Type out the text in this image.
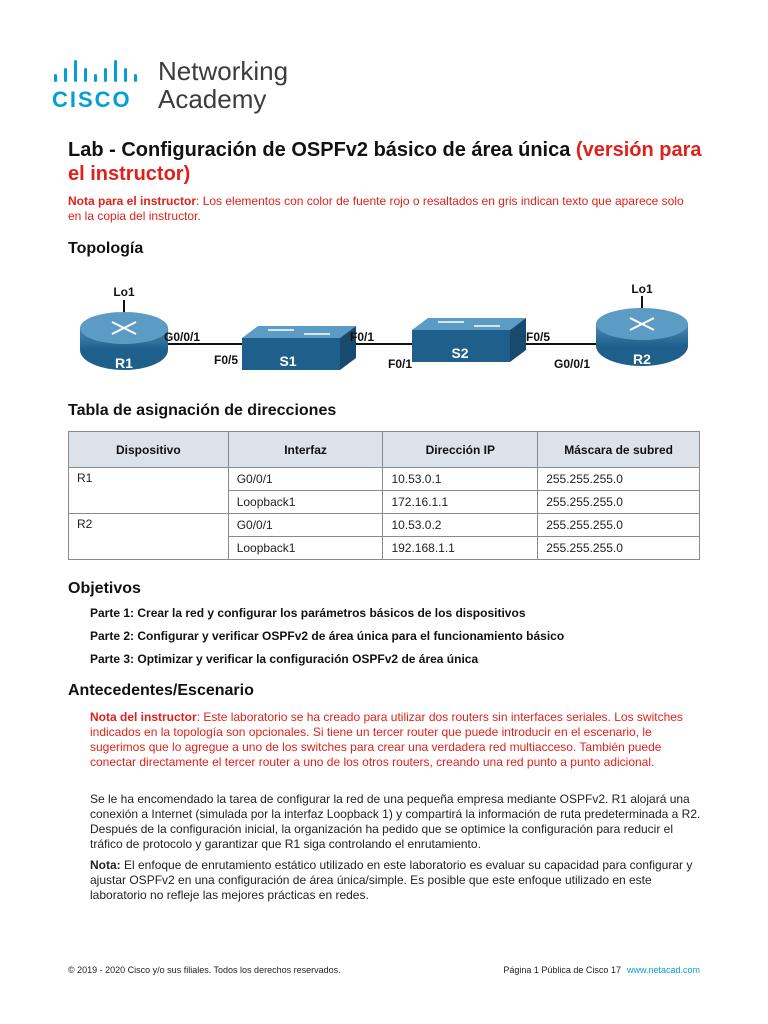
CISCO
Networking
Academy
Lab - Configuración de OSPFv2 básico de área única (versión para el instructor)
Nota para el instructor: Los elementos con color de fuente rojo o resaltados en gris indican texto que aparece solo en la copia del instructor.
Topología
R1	S1	S2	R2
Lo1	Lo1
G0/0/1
F0/5
F0/1
F0/1
F0/5
G0/0/1
Tabla de asignación de direcciones
Dispositivo	Interfaz	Dirección IP	Máscara de subred
R1	G0/0/1	10.53.0.1	255.255.255.0
	Loopback1	172.16.1.1	255.255.255.0
R2	G0/0/1	10.53.0.2	255.255.255.0
	Loopback1	192.168.1.1	255.255.255.0
Objetivos
Parte 1: Crear la red y configurar los parámetros básicos de los dispositivos
Parte 2: Configurar y verificar OSPFv2 de área única para el funcionamiento básico
Parte 3: Optimizar y verificar la configuración OSPFv2 de área única
Antecedentes/Escenario
Nota del instructor: Este laboratorio se ha creado para utilizar dos routers sin interfaces seriales. Los switches indicados en la topología son opcionales. Si tiene un tercer router que puede introducir en el escenario, le sugerimos que lo agregue a uno de los switches para crear una verdadera red multiacceso. También puede conectar directamente el tercer router a uno de los otros routers, creando una red punto a punto adicional.
Se le ha encomendado la tarea de configurar la red de una pequeña empresa mediante OSPFv2. R1 alojará una conexión a Internet (simulada por la interfaz Loopback 1) y compartirá la información de ruta predeterminada a R2. Después de la configuración inicial, la organización ha pedido que se optimice la configuración para reducir el tráfico de protocolo y garantizar que R1 siga controlando el enrutamiento.
Nota: El enfoque de enrutamiento estático utilizado en este laboratorio es evaluar su capacidad para configurar y ajustar OSPFv2 en una configuración de área única/simple. Es posible que este enfoque utilizado en este laboratorio no refleje las mejores prácticas en redes.
© 2019 - 2020 Cisco y/o sus filiales. Todos los derechos reservados.	Página 1 Pública de Cisco 17 www.netacad.com
